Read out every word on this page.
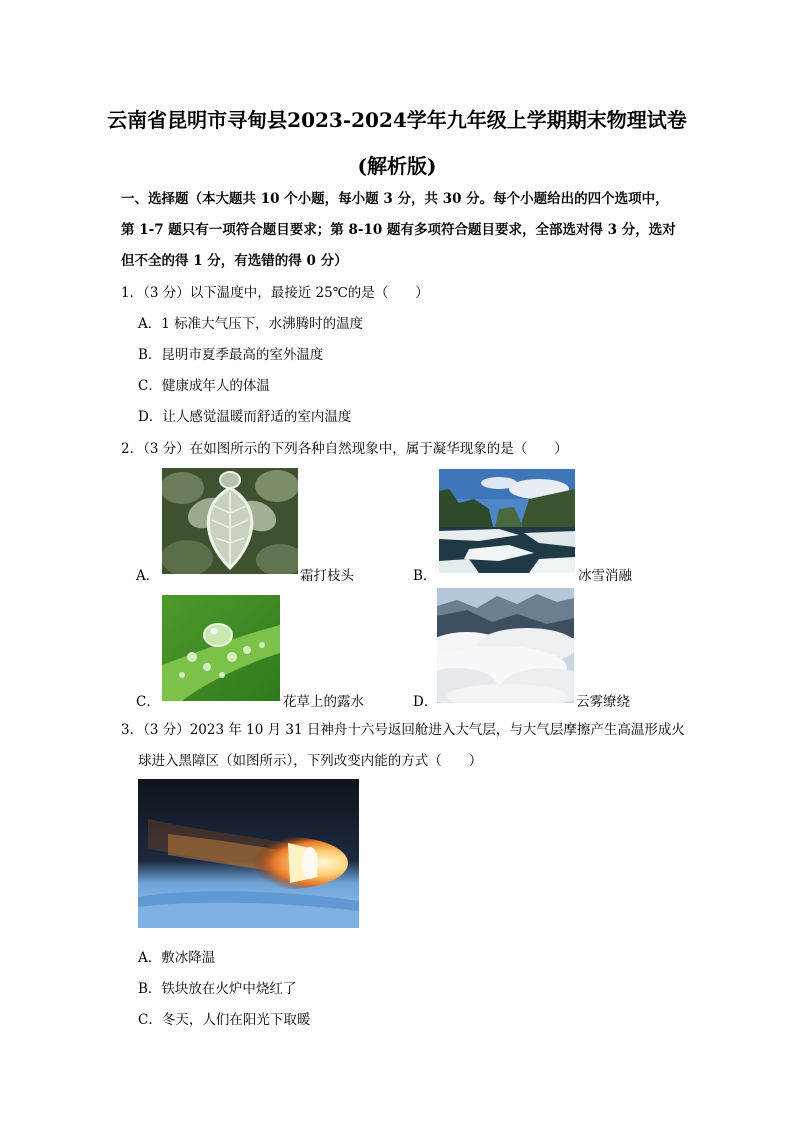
云南省昆明市寻甸县2023-2024学年九年级上学期期末物理试卷
(解析版)
一、选择题（本大题共 10 个小题，每小题 3 分，共 30 分。每个小题给出的四个选项中，
第 1-7 题只有一项符合题目要求；第 8-10 题有多项符合题目要求，全部选对得 3 分，选对
但不全的得 1 分，有选错的得 0 分）
1．（3 分）以下温度中，最接近 25℃的是（　　）
A．1 标准大气压下，水沸腾时的温度
B．昆明市夏季最高的室外温度
C．健康成年人的体温
D．让人感觉温暖而舒适的室内温度
2．（3 分）在如图所示的下列各种自然现象中，属于凝华现象的是（　　）
A．	霜打枝头	B．	冰雪消融
C．	花草上的露水	D．	云雾缭绕
3．（3 分）2023 年 10 月 31 日神舟十六号返回舱进入大气层，与大气层摩擦产生高温形成火
球进入黑障区（如图所示），下列改变内能的方式（　　）
A．敷冰降温
B．铁块放在火炉中烧红了
C．冬天，人们在阳光下取暖
